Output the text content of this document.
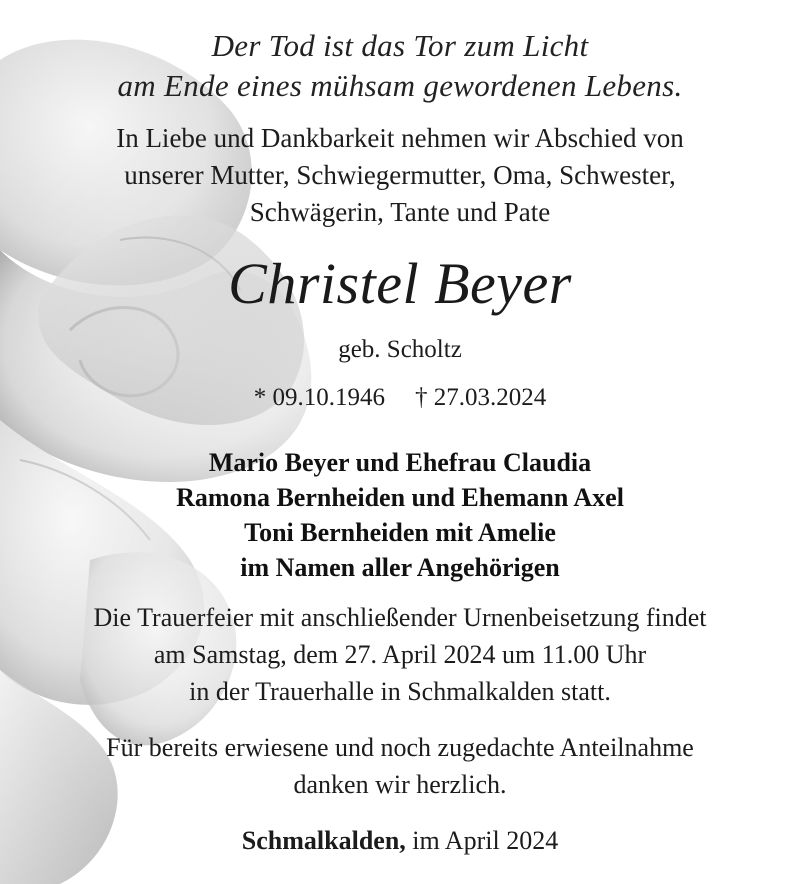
Der Tod ist das Tor zum Licht
am Ende eines mühsam gewordenen Lebens.
In Liebe und Dankbarkeit nehmen wir Abschied von
unserer Mutter, Schwiegermutter, Oma, Schwester,
Schwägerin, Tante und Pate
Christel Beyer
geb. Scholtz
* 09.10.1946 † 27.03.2024
Mario Beyer und Ehefrau Claudia
Ramona Bernheiden und Ehemann Axel
Toni Bernheiden mit Amelie
im Namen aller Angehörigen
Die Trauerfeier mit anschließender Urnenbeisetzung findet
am Samstag, dem 27. April 2024 um 11.00 Uhr
in der Trauerhalle in Schmalkalden statt.
Für bereits erwiesene und noch zugedachte Anteilnahme
danken wir herzlich.
Schmalkalden, im April 2024
